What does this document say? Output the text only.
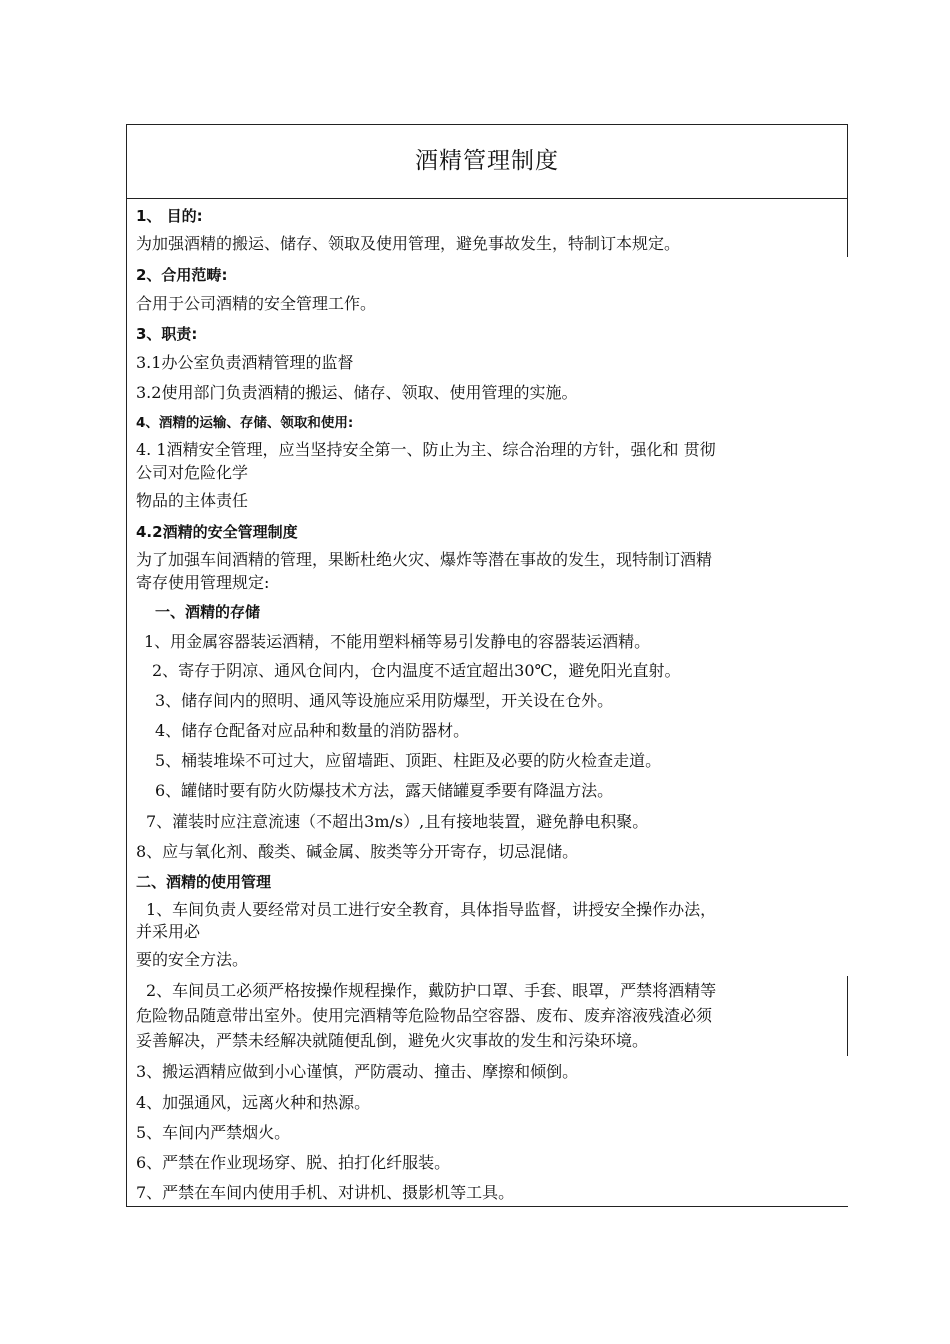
酒精管理制度
1、 目的:
为加强酒精的搬运、储存、领取及使用管理，避免事故发生，特制订本规定。
2、合用范畴:
合用于公司酒精的安全管理工作。
3、职责:
3.1办公室负责酒精管理的监督
3.2使用部门负责酒精的搬运、储存、领取、使用管理的实施。
4、酒精的运输、存储、领取和使用:
4. 1酒精安全管理，应当坚持安全第一、防止为主、综合治理的方针，强化和 贯彻
公司对危险化学
物品的主体责任
4.2酒精的安全管理制度
为了加强车间酒精的管理，果断杜绝火灾、爆炸等潜在事故的发生，现特制订酒精
寄存使用管理规定:
一、酒精的存储
1、用金属容器装运酒精，不能用塑料桶等易引发静电的容器装运酒精。
2、寄存于阴凉、通风仓间内，仓内温度不适宜超出30℃，避免阳光直射。
3、储存间内的照明、通风等设施应采用防爆型，开关设在仓外。
4、储存仓配备对应品种和数量的消防器材。
5、桶装堆垛不可过大，应留墙距、顶距、柱距及必要的防火检查走道。
6、罐储时要有防火防爆技术方法，露天储罐夏季要有降温方法。
7、灌装时应注意流速（不超出3m/s）,且有接地装置，避免静电积聚。
8、应与氧化剂、酸类、碱金属、胺类等分开寄存，切忌混储。
二、酒精的使用管理
1、车间负责人要经常对员工进行安全教育，具体指导监督，讲授安全操作办法，
并采用必
要的安全方法。
2、车间员工必须严格按操作规程操作，戴防护口罩、手套、眼罩，严禁将酒精等
危险物品随意带出室外。使用完酒精等危险物品空容器、废布、废弃溶液残渣必须
妥善解决，严禁未经解决就随便乱倒，避免火灾事故的发生和污染环境。
3、搬运酒精应做到小心谨慎，严防震动、撞击、摩擦和倾倒。
4、加强通风，远离火种和热源。
5、车间内严禁烟火。
6、严禁在作业现场穿、脱、拍打化纤服装。
7、严禁在车间内使用手机、对讲机、摄影机等工具。
